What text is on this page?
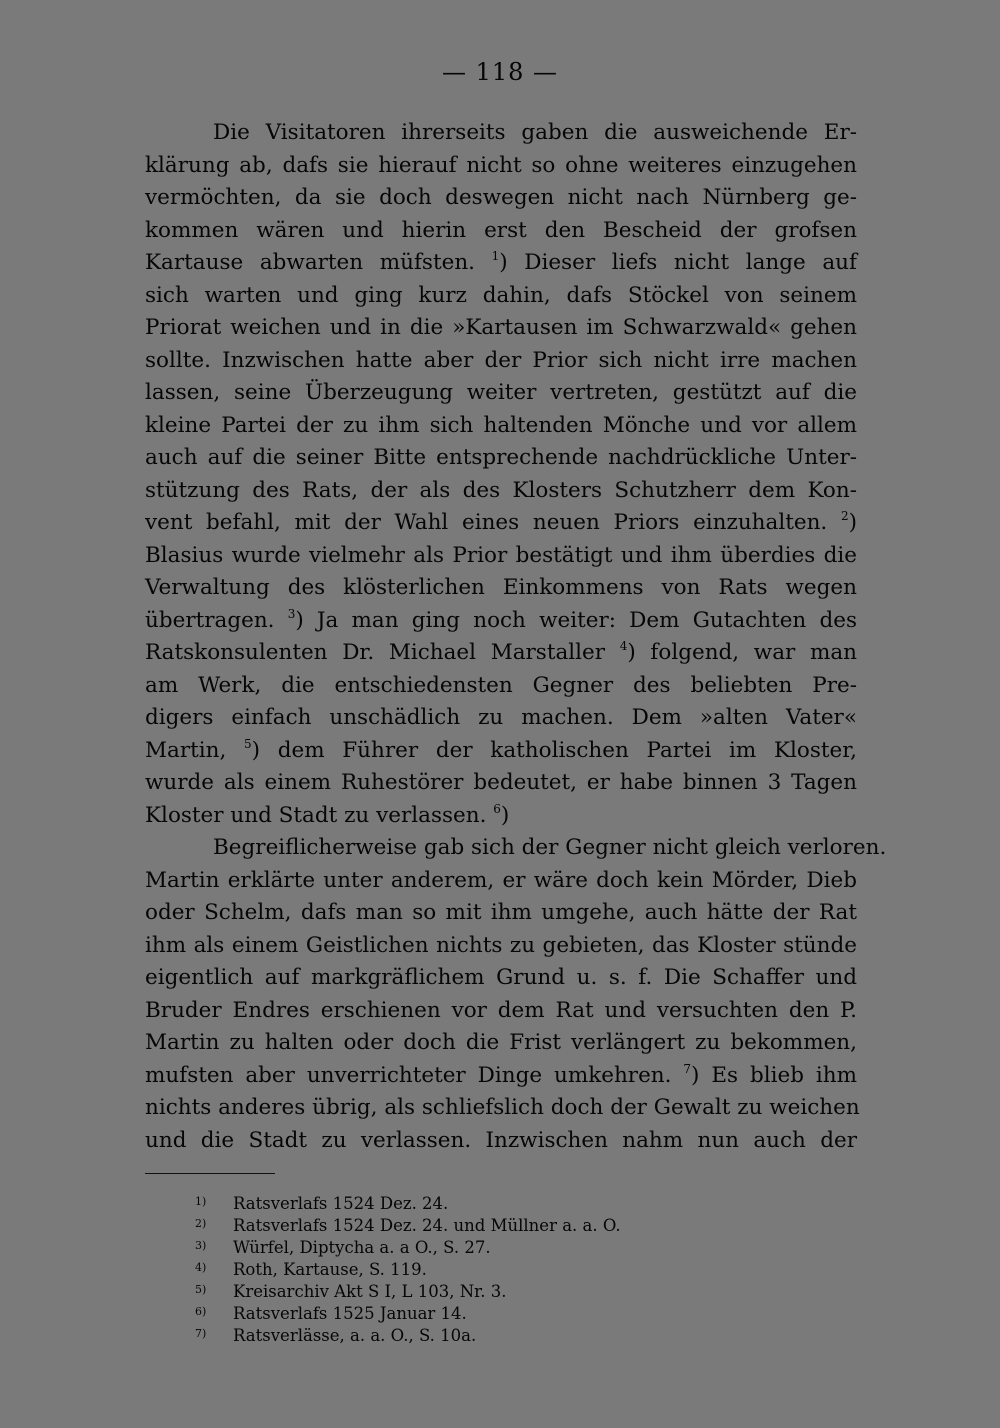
— 118 —
Die Visitatoren ihrerseits gaben die ausweichende Er-
klärung ab, dafs sie hierauf nicht so ohne weiteres einzugehen
vermöchten, da sie doch deswegen nicht nach Nürnberg ge-
kommen wären und hierin erst den Bescheid der grofsen
Kartause abwarten müfsten. $^1$) Dieser liefs nicht lange auf
sich warten und ging kurz dahin, dafs Stöckel von seinem
Priorat weichen und in die »Kartausen im Schwarzwald« gehen
sollte. Inzwischen hatte aber der Prior sich nicht irre machen
lassen, seine Überzeugung weiter vertreten, gestützt auf die
kleine Partei der zu ihm sich haltenden Mönche und vor allem
auch auf die seiner Bitte entsprechende nachdrückliche Unter-
stützung des Rats, der als des Klosters Schutzherr dem Kon-
vent befahl, mit der Wahl eines neuen Priors einzuhalten. $^2$)
Blasius wurde vielmehr als Prior bestätigt und ihm überdies die
Verwaltung des klösterlichen Einkommens von Rats wegen
übertragen. $^3$) Ja man ging noch weiter: Dem Gutachten des
Ratskonsulenten Dr. Michael Marstaller $^4$) folgend, war man
am Werk, die entschiedensten Gegner des beliebten Pre-
digers einfach unschädlich zu machen. Dem »alten Vater«
Martin, $^5$) dem Führer der katholischen Partei im Kloster,
wurde als einem Ruhestörer bedeutet, er habe binnen 3 Tagen
Kloster und Stadt zu verlassen. $^6$)
Begreiflicherweise gab sich der Gegner nicht gleich verloren.
Martin erklärte unter anderem, er wäre doch kein Mörder, Dieb
oder Schelm, dafs man so mit ihm umgehe, auch hätte der Rat
ihm als einem Geistlichen nichts zu gebieten, das Kloster stünde
eigentlich auf markgräflichem Grund u. s. f. Die Schaffer und
Bruder Endres erschienen vor dem Rat und versuchten den P.
Martin zu halten oder doch die Frist verlängert zu bekommen,
mufsten aber unverrichteter Dinge umkehren. $^7$) Es blieb ihm
nichts anderes übrig, als schliefslich doch der Gewalt zu weichen
und die Stadt zu verlassen. Inzwischen nahm nun auch der
1) Ratsverlafs 1524 Dez. 24.
2) Ratsverlafs 1524 Dez. 24. und Müllner a. a. O.
3) Würfel, Diptycha a. a O., S. 27.
4) Roth, Kartause, S. 119.
5) Kreisarchiv Akt S I, L 103, Nr. 3.
6) Ratsverlafs 1525 Januar 14.
7) Ratsverlässe, a. a. O., S. 10a.
